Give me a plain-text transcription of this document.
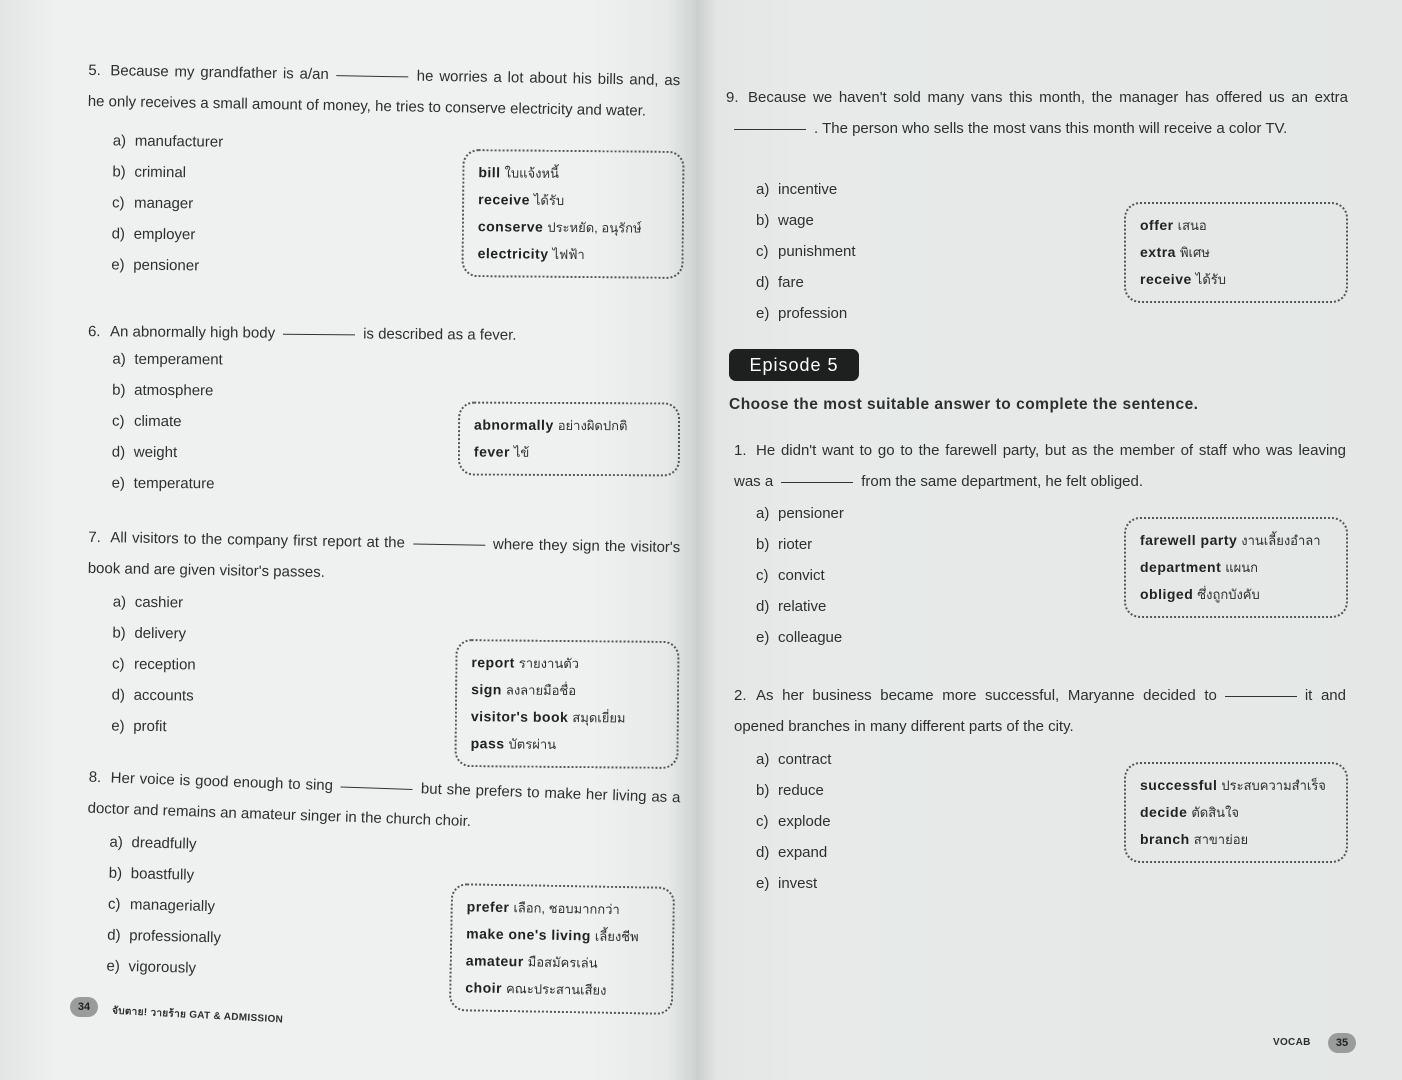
34	จับตาย! วายร้าย GAT & ADMISSION
5. Because my grandfather is a/an	he worries a lot about his bills and, as he only receives a small amount of money, he tries to conserve electricity and water.
a) manufacturer
b) criminal
c) manager
d) employer
e) pensioner
bill ใบแจ้งหนี้
receive ได้รับ
conserve ประหยัด, อนุรักษ์
electricity ไฟฟ้า
6. An abnormally high body	is described as a fever.
a) temperament
b) atmosphere
c) climate
d) weight
e) temperature
abnormally อย่างผิดปกติ
fever ไข้
7. All visitors to the company first report at the	where they sign the visitor's book and are given visitor's passes.
a) cashier
b) delivery
c) reception
d) accounts
e) profit
report รายงานตัว
sign ลงลายมือชื่อ
visitor's book สมุดเยี่ยม
pass บัตรผ่าน
8. Her voice is good enough to sing	but she prefers to make her living as a doctor and remains an amateur singer in the church choir.
a) dreadfully
b) boastfully
c) managerially
d) professionally
e) vigorously
prefer เลือก, ชอบมากกว่า
make one's living เลี้ยงชีพ
amateur มือสมัครเล่น
choir คณะประสานเสียง
Episode 5
Choose the most suitable answer to complete the sentence.
VOCAB	35
9. Because we haven't sold many vans this month, the manager has offered us an extra. The person who sells the most vans this month will receive a color TV.
a) incentive
b) wage
c) punishment
d) fare
e) profession
offer เสนอ
extra พิเศษ
receive ได้รับ
1. He didn't want to go to the farewell party, but as the member of staff who was leaving was a	from the same department, he felt obliged.
a) pensioner
b) rioter
c) convict
d) relative
e) colleague
farewell party งานเลี้ยงอำลา
department แผนก
obliged ซึ่งถูกบังคับ
2. As her business became more successful, Maryanne decided to	it and opened branches in many different parts of the city.
a) contract
b) reduce
c) explode
d) expand
e) invest
successful ประสบความสำเร็จ
decide ตัดสินใจ
branch สาขาย่อย
